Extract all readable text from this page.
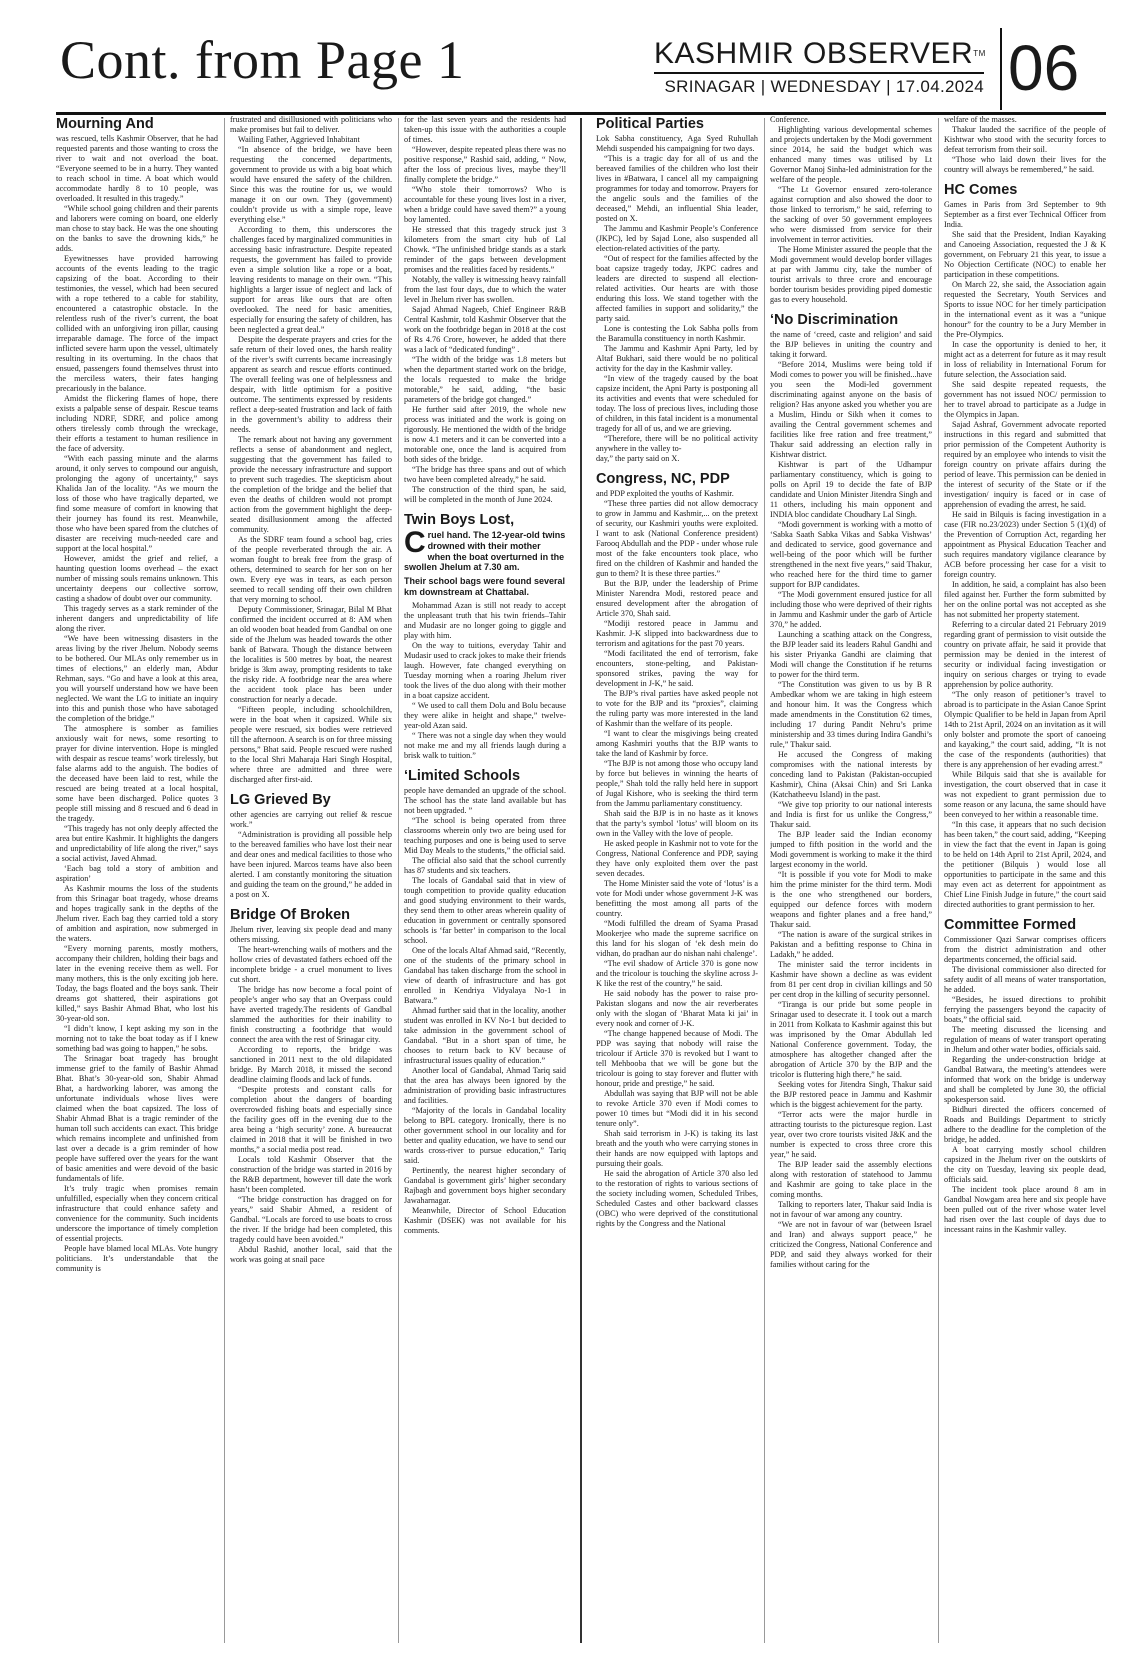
Cont. from Page 1	KASHMIR OBSERVER™
SRINAGAR | WEDNESDAY | 17.04.2024 06
Mourning And

was rescued, tells Kashmir Observer, that he had requested parents and those wanting to cross the river to wait and not overload the boat. “Everyone seemed to be in a hurry. They wanted to reach school in time. A boat which would accommodate hardly 8 to 10 people, was overloaded. It resulted in this tragedy.”

“While school going children and their parents and laborers were coming on board, one elderly man chose to stay back. He was the one shouting on the banks to save the drowning kids,” he adds.

Eyewitnesses have provided harrowing accounts of the events leading to the tragic capsizing of the boat. According to their testimonies, the vessel, which had been secured with a rope tethered to a cable for stability, encountered a catastrophic obstacle. In the relentless rush of the river’s current, the boat collided with an unforgiving iron pillar, causing irreparable damage. The force of the impact inflicted severe harm upon the vessel, ultimately resulting in its overturning. In the chaos that ensued, passengers found themselves thrust into the merciless waters, their fates hanging precariously in the balance.

Amidst the flickering flames of hope, there exists a palpable sense of despair. Rescue teams including NDRF, SDRF, and police among others tirelessly comb through the wreckage, their efforts a testament to human resilience in the face of adversity.

“With each passing minute and the alarms around, it only serves to compound our anguish, prolonging the agony of uncertainty,” says Khalida Jan of the locality. “As we mourn the loss of those who have tragically departed, we find some measure of comfort in knowing that their journey has found its rest. Meanwhile, those who have been spared from the clutches of disaster are receiving much-needed care and support at the local hospital.”

However, amidst the grief and relief, a haunting question looms overhead – the exact number of missing souls remains unknown. This uncertainty deepens our collective sorrow, casting a shadow of doubt over our community.

This tragedy serves as a stark reminder of the inherent dangers and unpredictability of life along the river.

“We have been witnessing disasters in the areas living by the river Jhelum. Nobody seems to be bothered. Our MLAs only remember us in times of elections,” an elderly man, Abdur Rehman, says. “Go and have a look at this area, you will yourself understand how we have been neglected. We want the LG to initiate an inquiry into this and punish those who have sabotaged the completion of the bridge.”

The atmosphere is somber as families anxiously wait for news, some resorting to prayer for divine intervention. Hope is mingled with despair as rescue teams’ work tirelessly, but false alarms add to the anguish. The bodies of the deceased have been laid to rest, while the rescued are being treated at a local hospital, some have been discharged. Police quotes 3 people still missing and 8 rescued and 6 dead in the tragedy.

“This tragedy has not only deeply affected the area but entire Kashmir. It highlights the dangers and unpredictability of life along the river,” says a social activist, Javed Ahmad.

‘Each bag told a story of ambition and aspiration’

As Kashmir mourns the loss of the students from this Srinagar boat tragedy, whose dreams and hopes tragically sank in the depths of the Jhelum river. Each bag they carried told a story of ambition and aspiration, now submerged in the waters.

“Every morning parents, mostly mothers, accompany their children, holding their bags and later in the evening receive them as well. For many mothers, this is the only exciting job here. Today, the bags floated and the boys sank. Their dreams got shattered, their aspirations got killed,” says Bashir Ahmad Bhat, who lost his 30-year-old son.

“I didn’t know, I kept asking my son in the morning not to take the boat today as if I knew something bad was going to happen,” he sobs.

The Srinagar boat tragedy has brought immense grief to the family of Bashir Ahmad Bhat. Bhat’s 30-year-old son, Shabir Ahmad Bhat, a hardworking laborer, was among the unfortunate individuals whose lives were claimed when the boat capsized. The loss of Shabir Ahmad Bhat is a tragic reminder of the human toll such accidents can exact. This bridge which remains incomplete and unfinished from last over a decade is a grim reminder of how people have suffered over the years for the want of basic amenities and were devoid of the basic fundamentals of life.

It’s truly tragic when promises remain unfulfilled, especially when they concern critical infrastructure that could enhance safety and convenience for the community. Such incidents underscore the importance of timely completion of essential projects.

People have blamed local MLAs. Vote hungry politicians. It’s understandable that the community is

frustrated and disillusioned with politicians who make promises but fail to deliver.

Wailing Father, Aggrieved Inhabitant

“In absence of the bridge, we have been requesting the concerned departments, government to provide us with a big boat which would have ensured the safety of the children. Since this was the routine for us, we would manage it on our own. They (government) couldn’t provide us with a simple rope, leave everything else.”

According to them, this underscores the challenges faced by marginalized communities in accessing basic infrastructure. Despite repeated requests, the government has failed to provide even a simple solution like a rope or a boat, leaving residents to manage on their own. “This highlights a larger issue of neglect and lack of support for areas like ours that are often overlooked. The need for basic amenities, especially for ensuring the safety of children, has been neglected a great deal.”

Despite the desperate prayers and cries for the safe return of their loved ones, the harsh reality of the river’s swift currents became increasingly apparent as search and rescue efforts continued. The overall feeling was one of helplessness and despair, with little optimism for a positive outcome. The sentiments expressed by residents reflect a deep-seated frustration and lack of faith in the government’s ability to address their needs.

The remark about not having any government reflects a sense of abandonment and neglect, suggesting that the government has failed to provide the necessary infrastructure and support to prevent such tragedies. The skepticism about the completion of the bridge and the belief that even the deaths of children would not prompt action from the government highlight the deep-seated disillusionment among the affected community.

As the SDRF team found a school bag, cries of the people reverberated through the air. A woman fought to break free from the grasp of others, determined to search for her son on her own. Every eye was in tears, as each person seemed to recall sending off their own children that very morning to school.

Deputy Commissioner, Srinagar, Bilal M Bhat confirmed the incident occurred at 8: AM when an old wooden boat headed from Gandbal on one side of the Jhelum was headed towards the other bank of Batwara. Though the distance between the localities is 500 metres by boat, the nearest bridge is 3km away, prompting residents to take the risky ride. A footbridge near the area where the accident took place has been under construction for nearly a decade.

“Fifteen people, including schoolchildren, were in the boat when it capsized. While six people were rescued, six bodies were retrieved till the afternoon. A search is on for three missing persons,” Bhat said. People rescued were rushed to the local Shri Maharaja Hari Singh Hospital, where three are admitted and three were discharged after first-aid.

LG Grieved By

other agencies are carrying out relief & rescue work.”

“Administration is providing all possible help to the bereaved families who have lost their near and dear ones and medical facilities to those who have been injured. Marcos teams have also been alerted. I am constantly monitoring the situation and guiding the team on the ground,” he added in a post on X.

Bridge Of Broken

Jhelum river, leaving six people dead and many others missing.

The heart-wrenching wails of mothers and the hollow cries of devastated fathers echoed off the incomplete bridge - a cruel monument to lives cut short.

The bridge has now become a focal point of people’s anger who say that an Overpass could have averted tragedy.The residents of Gandbal slammed the authorities for their inability to finish constructing a footbridge that would connect the area with the rest of Srinagar city.

According to reports, the bridge was sanctioned in 2011 next to the old dilapidated bridge. By March 2018, it missed the second deadline claiming floods and lack of funds.

“Despite protests and constant calls for completion about the dangers of boarding overcrowded fishing boats and especially since the facility goes off in the evening due to the area being a ‘high security’ zone. A bureaucrat claimed in 2018 that it will be finished in two months,” a social media post read.

Locals told Kashmir Observer that the construction of the bridge was started in 2016 by the R&B department, however till date the work hasn’t been completed.

“The bridge construction has dragged on for years,” said Shabir Ahmed, a resident of Gandbal. “Locals are forced to use boats to cross the river. If the bridge had been completed, this tragedy could have been avoided.”

Abdul Rashid, another local, said that the work was going at snail pace

for the last seven years and the residents had taken-up this issue with the authorities a couple of times.

“However, despite repeated pleas there was no positive response,” Rashid said, adding, “ Now, after the loss of precious lives, maybe they’ll finally complete the bridge.”

“Who stole their tomorrows? Who is accountable for these young lives lost in a river, when a bridge could have saved them?” a young boy lamented.

He stressed that this tragedy struck just 3 kilometers from the smart city hub of Lal Chowk. “The unfinished bridge stands as a stark reminder of the gaps between development promises and the realities faced by residents.”

Notably, the valley is witnessing heavy rainfall from the last four days, due to which the water level in Jhelum river has swollen.

Sajad Ahmad Nageeb, Chief Engineer R&B Central Kashmir, told Kashmir Observer that the work on the footbridge began in 2018 at the cost of Rs 4.76 Crore, however, he added that there was a lack of “dedicated funding” .

“The width of the bridge was 1.8 meters but when the department started work on the bridge, the locals requested to make the bridge motorable,” he said, adding, “the basic parameters of the bridge got changed.”

He further said after 2019, the whole new process was initiated and the work is going on rigorously. He mentioned the width of the bridge is now 4.1 meters and it can be converted into a motorable one, once the land is acquired from both sides of the bridge.

“The bridge has three spans and out of which two have been completed already,” he said.

The construction of the third span, he said, will be completed in the month of June 2024.

Twin Boys Lost,
Cruel hand. The 12-year-old twins drowned with their mother when the boat overturned in the swollen Jhelum at 7.30 am.
Their school bags were found several km downstream at Chattabal.

Mohammad Azan is still not ready to accept the unpleasant truth that his twin friends–Tahir and Mudasir are no longer going to giggle and play with him.

On the way to tuitions, everyday Tahir and Mudasir used to crack jokes to make their friends laugh. However, fate changed everything on Tuesday morning when a roaring Jhelum river took the lives of the duo along with their mother in a boat capsize accident.

“ We used to call them Dolu and Bolu because they were alike in height and shape,” twelve-year-old Azan said.

“ There was not a single day when they would not make me and my all friends laugh during a brisk walk to tuition.”

‘Limited Schools

people have demanded an upgrade of the school. The school has the state land available but has not been upgraded. ”

“The school is being operated from three classrooms wherein only two are being used for teaching purposes and one is being used to serve Mid Day Meals to the students,” the official said.

The official also said that the school currently has 87 students and six teachers.

The locals of Gandabal said that in view of tough competition to provide quality education and good studying environment to their wards, they send them to other areas wherein quality of education in government or centrally sponsored schools is ‘far better’ in comparison to the local school.

One of the locals Altaf Ahmad said, “Recently, one of the students of the primary school in Gandabal has taken discharge from the school in view of dearth of infrastructure and has got enrolled in Kendriya Vidyalaya No-1 in Batwara.”

Ahmad further said that in the locality, another student was enrolled in KV No-1 but decided to take admission in the government school of Gandabal. “But in a short span of time, he chooses to return back to KV because of infrastructural issues quality of education.”

Another local of Gandabal, Ahmad Tariq said that the area has always been ignored by the administration of providing basic infrastructures and facilities.

“Majority of the locals in Gandabal locality belong to BPL category. Ironically, there is no other government school in our locality and for better and quality education, we have to send our wards cross-river to pursue education,” Tariq said.

Pertinently, the nearest higher secondary of Gandabal is government girls’ higher secondary Rajbagh and government boys higher secondary Jawaharnagar.

Meanwhile, Director of School Education Kashmir (DSEK) was not available for his comments.

Political Parties

Lok Sabha constituency, Aga Syed Ruhullah Mehdi suspended his campaigning for two days.

“This is a tragic day for all of us and the bereaved families of the children who lost their lives in #Batwara, I cancel all my campaigning programmes for today and tomorrow. Prayers for the angelic souls and the families of the deceased,” Mehdi, an influential Shia leader, posted on X.

The Jammu and Kashmir People’s Conference (JKPC), led by Sajad Lone, also suspended all election-related activities of the party.

“Out of respect for the families affected by the boat capsize tragedy today, JKPC cadres and leaders are directed to suspend all election-related activities. Our hearts are with those enduring this loss. We stand together with the affected families in support and solidarity,” the party said.

Lone is contesting the Lok Sabha polls from the Baramulla constituency in north Kashmir.

The Jammu and Kashmir Apni Party, led by Altaf Bukhari, said there would be no political activity for the day in the Kashmir valley.

“In view of the tragedy caused by the boat capsize incident, the Apni Party is postponing all its activities and events that were scheduled for today. The loss of precious lives, including those of children, in this fatal incident is a monumental tragedy for all of us, and we are grieving.

“Therefore, there will be no political activity anywhere in the valley to-

day,” the party said on X.

Congress, NC, PDP

and PDP exploited the youths of Kashmir.

“These three parties did not allow democracy to grow in Jammu and Kashmir,... on the pretext of security, our Kashmiri youths were exploited. I want to ask (National Conference president) Farooq Abdullah and the PDP - under whose rule most of the fake encounters took place, who fired on the children of Kashmir and handed the gun to them? It is these three parties.”

But the BJP, under the leadership of Prime Minister Narendra Modi, restored peace and ensured development after the abrogation of Article 370, Shah said.

“Modiji restored peace in Jammu and Kashmir. J-K slipped into backwardness due to terrorism and agitations for the past 70 years.

“Modi facilitated the end of terrorism, fake encounters, stone-pelting, and Pakistan-sponsored strikes, paving the way for development in J-K,” he said.

The BJP’s rival parties have asked people not to vote for the BJP and its “proxies”, claiming the ruling party was more interested in the land of Kashmir than the welfare of its people.

“I want to clear the misgivings being created among Kashmiri youths that the BJP wants to take the land of Kashmir by force.

“The BJP is not among those who occupy land by force but believes in winning the hearts of people,” Shah told the rally held here in support of Jugal Kishore, who is seeking the third term from the Jammu parliamentary constituency.

Shah said the BJP is in no haste as it knows that the party’s symbol ‘lotus’ will bloom on its own in the Valley with the love of people.

He asked people in Kashmir not to vote for the Congress, National Conference and PDP, saying they have only exploited them over the past seven decades.

The Home Minister said the vote of ‘lotus’ is a vote for Modi under whose government J-K was benefitting the most among all parts of the country.

“Modi fulfilled the dream of Syama Prasad Mookerjee who made the supreme sacrifice on this land for his slogan of ‘ek desh mein do vidhan, do pradhan aur do nishan nahi chalenge’.

“The evil shadow of Article 370 is gone now and the tricolour is touching the skyline across J-K like the rest of the country,” he said.

He said nobody has the power to raise pro-Pakistan slogans and now the air reverberates only with the slogan of ‘Bharat Mata ki jai’ in every nook and corner of J-K.

“The change happened because of Modi. The PDP was saying that nobody will raise the tricolour if Article 370 is revoked but I want to tell Mehbooba that we will be gone but the tricolour is going to stay forever and flutter with honour, pride and prestige,” he said.

Abdullah was saying that BJP will not be able to revoke Article 370 even if Modi comes to power 10 times but “Modi did it in his second tenure only”.

Shah said terrorism in J-K) is taking its last breath and the youth who were carrying stones in their hands are now equipped with laptops and pursuing their goals.

He said the abrogation of Article 370 also led to the restoration of rights to various sections of the society including women, Scheduled Tribes, Scheduled Castes and other backward classes (OBC) who were deprived of the constitutional rights by the Congress and the National

Conference.

Highlighting various developmental schemes and projects undertaken by the Modi government since 2014, he said the budget which was enhanced many times was utilised by Lt Governor Manoj Sinha-led administration for the welfare of the people.

“The Lt Governor ensured zero-tolerance against corruption and also showed the door to those linked to terrorism,” he said, referring to the sacking of over 50 government employees who were dismissed from service for their involvement in terror activities.

The Home Minister assured the people that the Modi government would develop border villages at par with Jammu city, take the number of tourist arrivals to three crore and encourage border tourism besides providing piped domestic gas to every household.

‘No Discrimination

the name of ‘creed, caste and religion’ and said the BJP believes in uniting the country and taking it forward.

“Before 2014, Muslims were being told if Modi comes to power you will be finished...have you seen the Modi-led government discriminating against anyone on the basis of religion? Has anyone asked you whether you are a Muslim, Hindu or Sikh when it comes to availing the Central government schemes and facilities like free ration and free treatment,” Thakur said addressing an election rally in Kishtwar district.

Kishtwar is part of the Udhampur parliamentary constituency, which is going to polls on April 19 to decide the fate of BJP candidate and Union Minister Jitendra Singh and 11 others, including his main opponent and INDIA bloc candidate Choudhary Lal Singh.

“Modi government is working with a motto of ‘Sabka Saath Sabka Vikas and Sabka Vishwas’ and dedicated to service, good governance and well-being of the poor which will be further strengthened in the next five years,” said Thakur, who reached here for the third time to garner support for BJP candidates.

“The Modi government ensured justice for all including those who were deprived of their rights in Jammu and Kashmir under the garb of Article 370,” he added.

Launching a scathing attack on the Congress, the BJP leader said its leaders Rahul Gandhi and his sister Priyanka Gandhi are claiming that Modi will change the Constitution if he returns to power for the third term.

“The Constitution was given to us by B R Ambedkar whom we are taking in high esteem and honour him. It was the Congress which made amendments in the Constitution 62 times, including 17 during Pandit Nehru’s prime ministership and 33 times during Indira Gandhi’s rule,” Thakur said.

He accused the Congress of making compromises with the national interests by conceding land to Pakistan (Pakistan-occupied Kashmir), China (Aksai Chin) and Sri Lanka (Katchatheevu Island) in the past.

“We give top priority to our national interests and India is first for us unlike the Congress,” Thakur said.

The BJP leader said the Indian economy jumped to fifth position in the world and the Modi government is working to make it the third largest economy in the world.

“It is possible if you vote for Modi to make him the prime minister for the third term. Modi is the one who strengthened our borders, equipped our defence forces with modern weapons and fighter planes and a free hand,” Thakur said.

“The nation is aware of the surgical strikes in Pakistan and a befitting response to China in Ladakh,” he added.

The minister said the terror incidents in Kashmir have shown a decline as was evident from 81 per cent drop in civilian killings and 50 per cent drop in the killing of security personnel.

“Tiranga is our pride but some people in Srinagar used to desecrate it. I took out a march in 2011 from Kolkata to Kashmir against this but was imprisoned by the Omar Abdullah led National Conference government. Today, the atmosphere has altogether changed after the abrogation of Article 370 by the BJP and the tricolor is fluttering high there,” he said.

Seeking votes for Jitendra Singh, Thakur said the BJP restored peace in Jammu and Kashmir which is the biggest achievement for the party.

“Terror acts were the major hurdle in attracting tourists to the picturesque region. Last year, over two crore tourists visited J&K and the number is expected to cross three crore this year,” he said.

The BJP leader said the assembly elections along with restoration of statehood to Jammu and Kashmir are going to take place in the coming months.

Talking to reporters later, Thakur said India is not in favour of war among any country.

“We are not in favour of war (between Israel and Iran) and always support peace,” he criticized the Congress, National Conference and PDP, and said they always worked for their families without caring for the

welfare of the masses.

Thakur lauded the sacrifice of the people of Kishtwar who stood with the security forces to defeat terrorism from their soil.

“Those who laid down their lives for the country will always be remembered,” he said.

HC Comes

Games in Paris from 3rd September to 9th September as a first ever Technical Officer from India.

She said that the President, Indian Kayaking and Canoeing Association, requested the J & K government, on February 21 this year, to issue a No Objection Certificate (NOC) to enable her participation in these competitions.

On March 22, she said, the Association again requested the Secretary, Youth Services and Sports to issue NOC for her timely participation in the international event as it was a “unique honour” for the country to be a Jury Member in the Pre-Olympics.

In case the opportunity is denied to her, it might act as a deterrent for future as it may result in loss of reliability in International Forum for future selection, the Association said.

She said despite repeated requests, the government has not issued NOC/ permission to her to travel abroad to participate as a Judge in the Olympics in Japan.

Sajad Ashraf, Government advocate reported instructions in this regard and submitted that prior permission of the Competent Authority is required by an employee who intends to visit the foreign country on private affairs during the period of leave. This permission can be denied in the interest of security of the State or if the investigation/ inquiry is faced or in case of apprehension of evading the arrest, he said.

He said in Bilquis is facing investigation in a case (FIR no.23/2023) under Section 5 (1)(d) of the Prevention of Corruption Act, regarding her appointment as Physical Education Teacher and such requires mandatory vigilance clearance by ACB before processing her case for a visit to foreign country.

In addition, he said, a complaint has also been filed against her. Further the form submitted by her on the online portal was not accepted as she has not submitted her property statement.

Referring to a circular dated 21 February 2019 regarding grant of permission to visit outside the country on private affair, he said it provide that permission may be denied in the interest of security or individual facing investigation or inquiry on serious charges or trying to evade apprehension by police authority.

“The only reason of petitioner’s travel to abroad is to participate in the Asian Canoe Sprint Olympic Qualifier to be held in Japan from April 14th to 21st April, 2024 on an invitation as it will only bolster and promote the sport of canoeing and kayaking,” the court said, adding, “It is not the case of the respondents (authorities) that there is any apprehension of her evading arrest.”

While Bilquis said that she is available for investigation, the court observed that in case it was not expedient to grant permission due to some reason or any lacuna, the same should have been conveyed to her within a reasonable time.

“In this case, it appears that no such decision has been taken,” the court said, adding, “Keeping in view the fact that the event in Japan is going to be held on 14th April to 21st April, 2024, and the petitioner (Bilquis ) would lose all opportunities to participate in the same and this may even act as deterrent for appointment as Chief Line Finish Judge in future,” the court said directed authorities to grant permission to her.

Committee Formed

Commissioner Qazi Sarwar comprises officers from the district administration and other departments concerned, the official said.

The divisional commissioner also directed for safety audit of all means of water transportation, he added.

“Besides, he issued directions to prohibit ferrying the passengers beyond the capacity of boats,” the official said.

The meeting discussed the licensing and regulation of means of water transport operating in Jhelum and other water bodies, officials said.

Regarding the under-construction bridge at Gandbal Batwara, the meeting’s attendees were informed that work on the bridge is underway and shall be completed by June 30, the official spokesperson said.

Bidhuri directed the officers concerned of Roads and Buildings Department to strictly adhere to the deadline for the completion of the bridge, he added.

A boat carrying mostly school children capsized in the Jhelum river on the outskirts of the city on Tuesday, leaving six people dead, officials said.

The incident took place around 8 am in Gandbal Nowgam area here and six people have been pulled out of the river whose water level had risen over the last couple of days due to incessant rains in the Kashmir valley.
